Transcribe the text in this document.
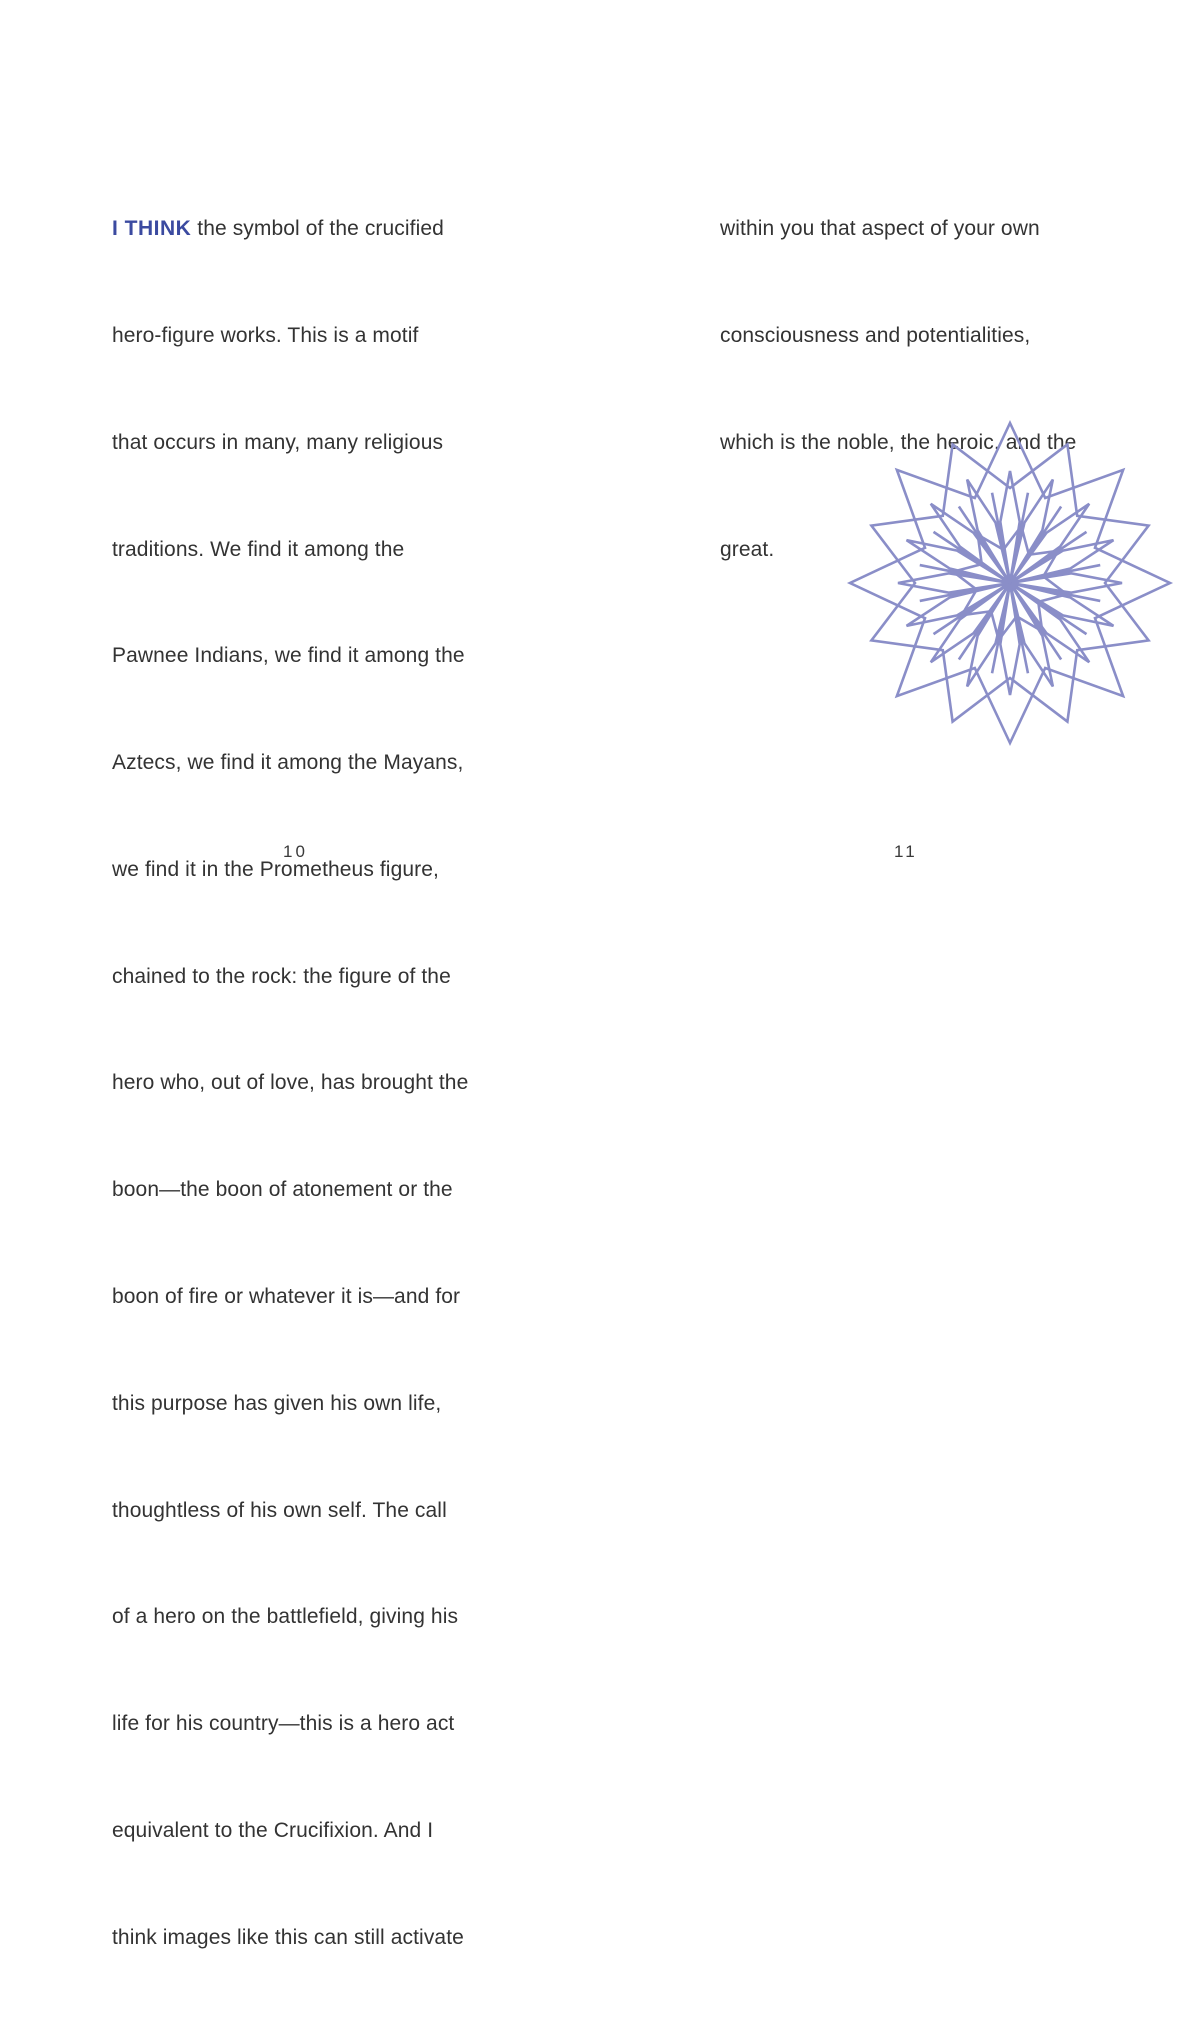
I THINK the symbol of the crucified

hero-figure works. This is a motif

that occurs in many, many religious

traditions. We find it among the

Pawnee Indians, we find it among the

Aztecs, we find it among the Mayans,

we find it in the Prometheus figure,

chained to the rock: the figure of the

hero who, out of love, has brought the

boon—the boon of atonement or the

boon of fire or whatever it is—and for

this purpose has given his own life,

thoughtless of his own self. The call

of a hero on the battlefield, giving his

life for his country—this is a hero act

equivalent to the Crucifixion. And I

think images like this can still activate

10

within you that aspect of your own

consciousness and potentialities,

which is the noble, the heroic, and the

great.

11
